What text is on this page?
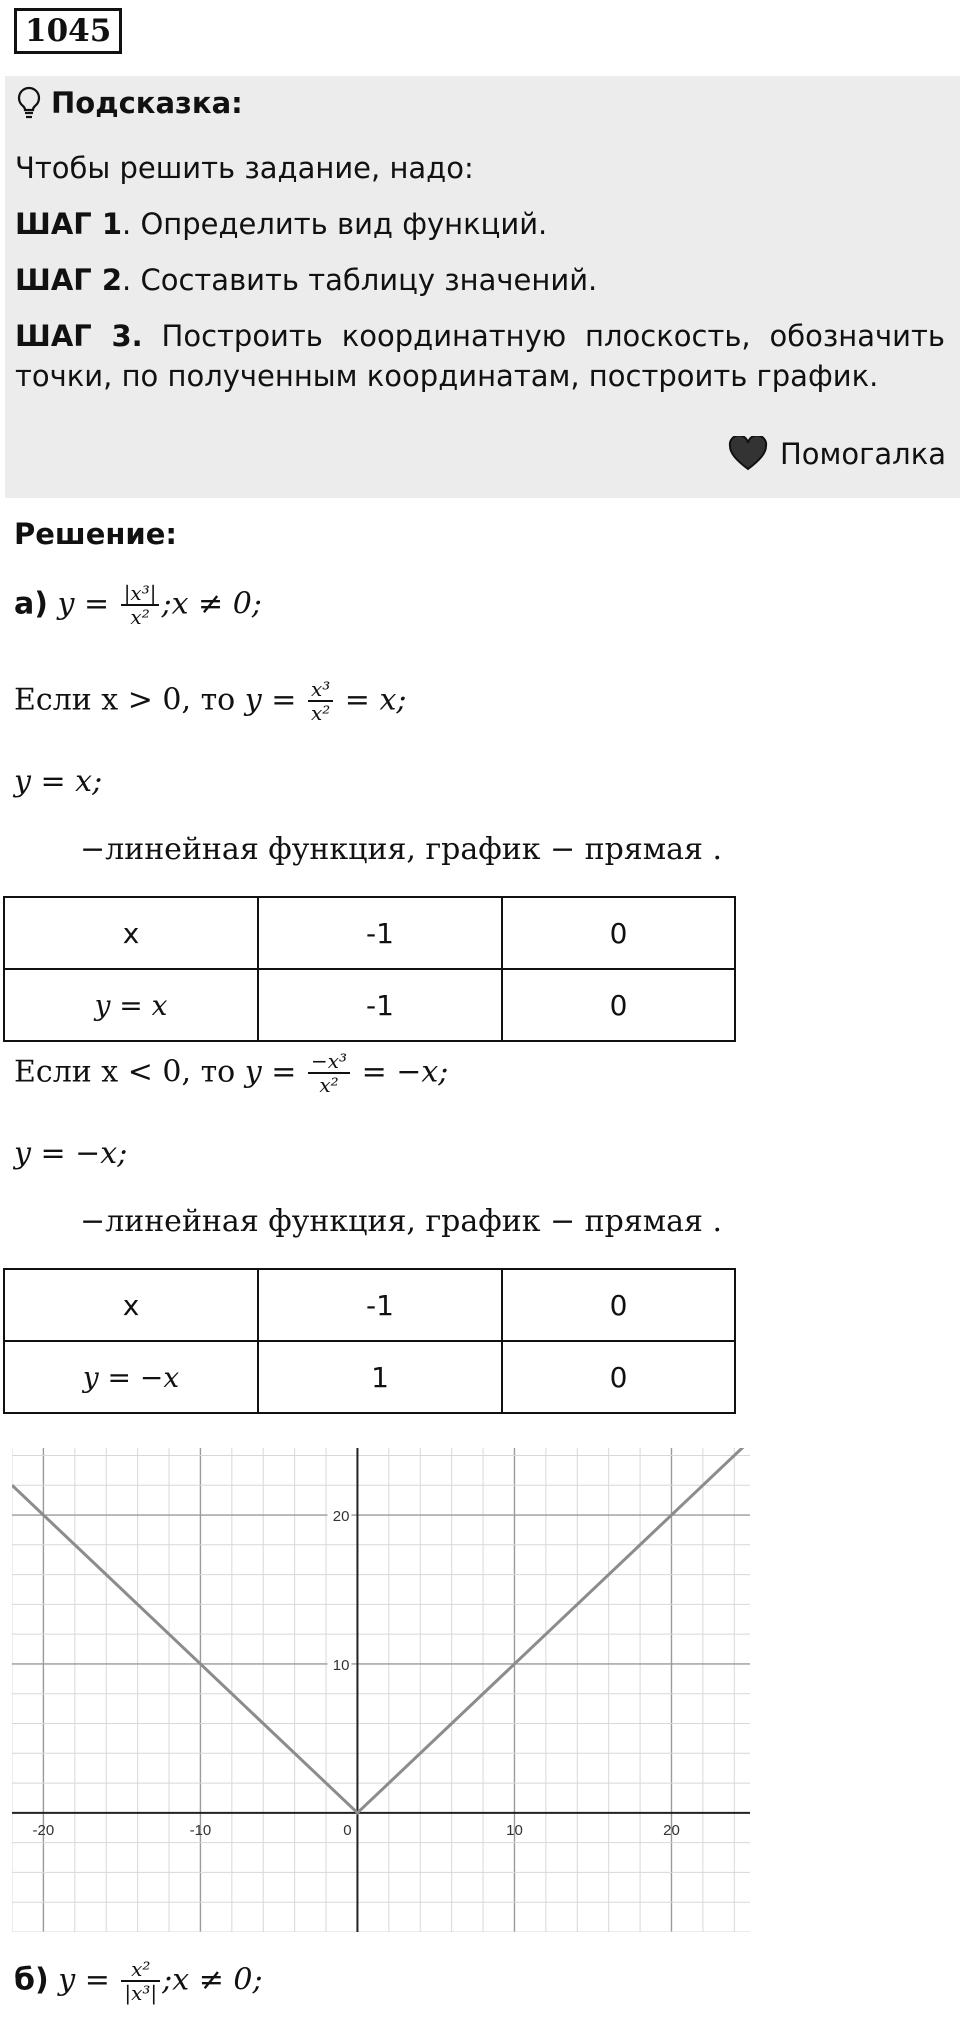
1045
Подсказка:

Чтобы решить задание, надо:

ШАГ 1. Определить вид функций.

ШАГ 2. Составить таблицу значений.

ШАГ 3. Построить координатную плоскость, обозначить точки, по полученным координатам, построить график.

Помогалка
Решение:
а) $y = \frac{\text{|x³|}}{\text{x²}}$ ;x ≠ 0;
Если x > 0, то $y = \frac{\text{x³}}{\text{x²}} = x$;
y = x;
−линейная функция, график − прямая .
x	-1	0
y = x	-1	0
Если x < 0, то $y = \frac{\text{−x³}}{\text{x²}} = -x$;
y = −x;
−линейная функция, график − прямая .
x	-1	0
y = −x	1	0
-20	-10	0	10	20
10
20
б) $y = \frac{\text{x²}}{\text{|x³|}}$ ;x ≠ 0;
